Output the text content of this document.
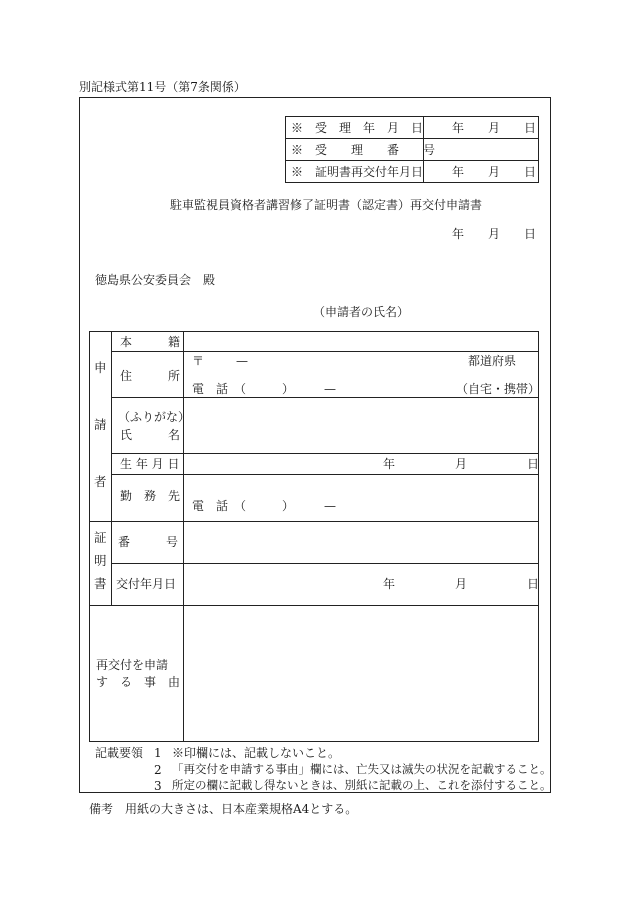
別記様式第11号（第7条関係）
※　受　理　年　月　日 年　　月　　日
※　受　　理　　番　　号
※　証明書再交付年月日 年　　月　　日
駐車監視員資格者講習修了証明書（認定書）再交付申請書
年　　月　　日
徳島県公安委員会　殿
（申請者の氏名）
申
請
者
本　　　籍
住　　　所
〒	—	都道府県
電　話　（　　　）　　　—	（自宅・携帯）
（ふりがな）
氏　　　名
生 年 月 日	年　　　　　月　　　　　日
勤　務　先
電　話　（　　　）　　　—
証
明
書
番　　　号
交付年月日	年　　　　　月　　　　　日
再交付を申請
す　る　事　由
記載要領 1 ※印欄には、記載しないこと。
2 「再交付を申請する事由」欄には、亡失又は滅失の状況を記載すること。
3 所定の欄に記載し得ないときは、別紙に記載の上、これを添付すること。
備考　用紙の大きさは、日本産業規格A4とする。
